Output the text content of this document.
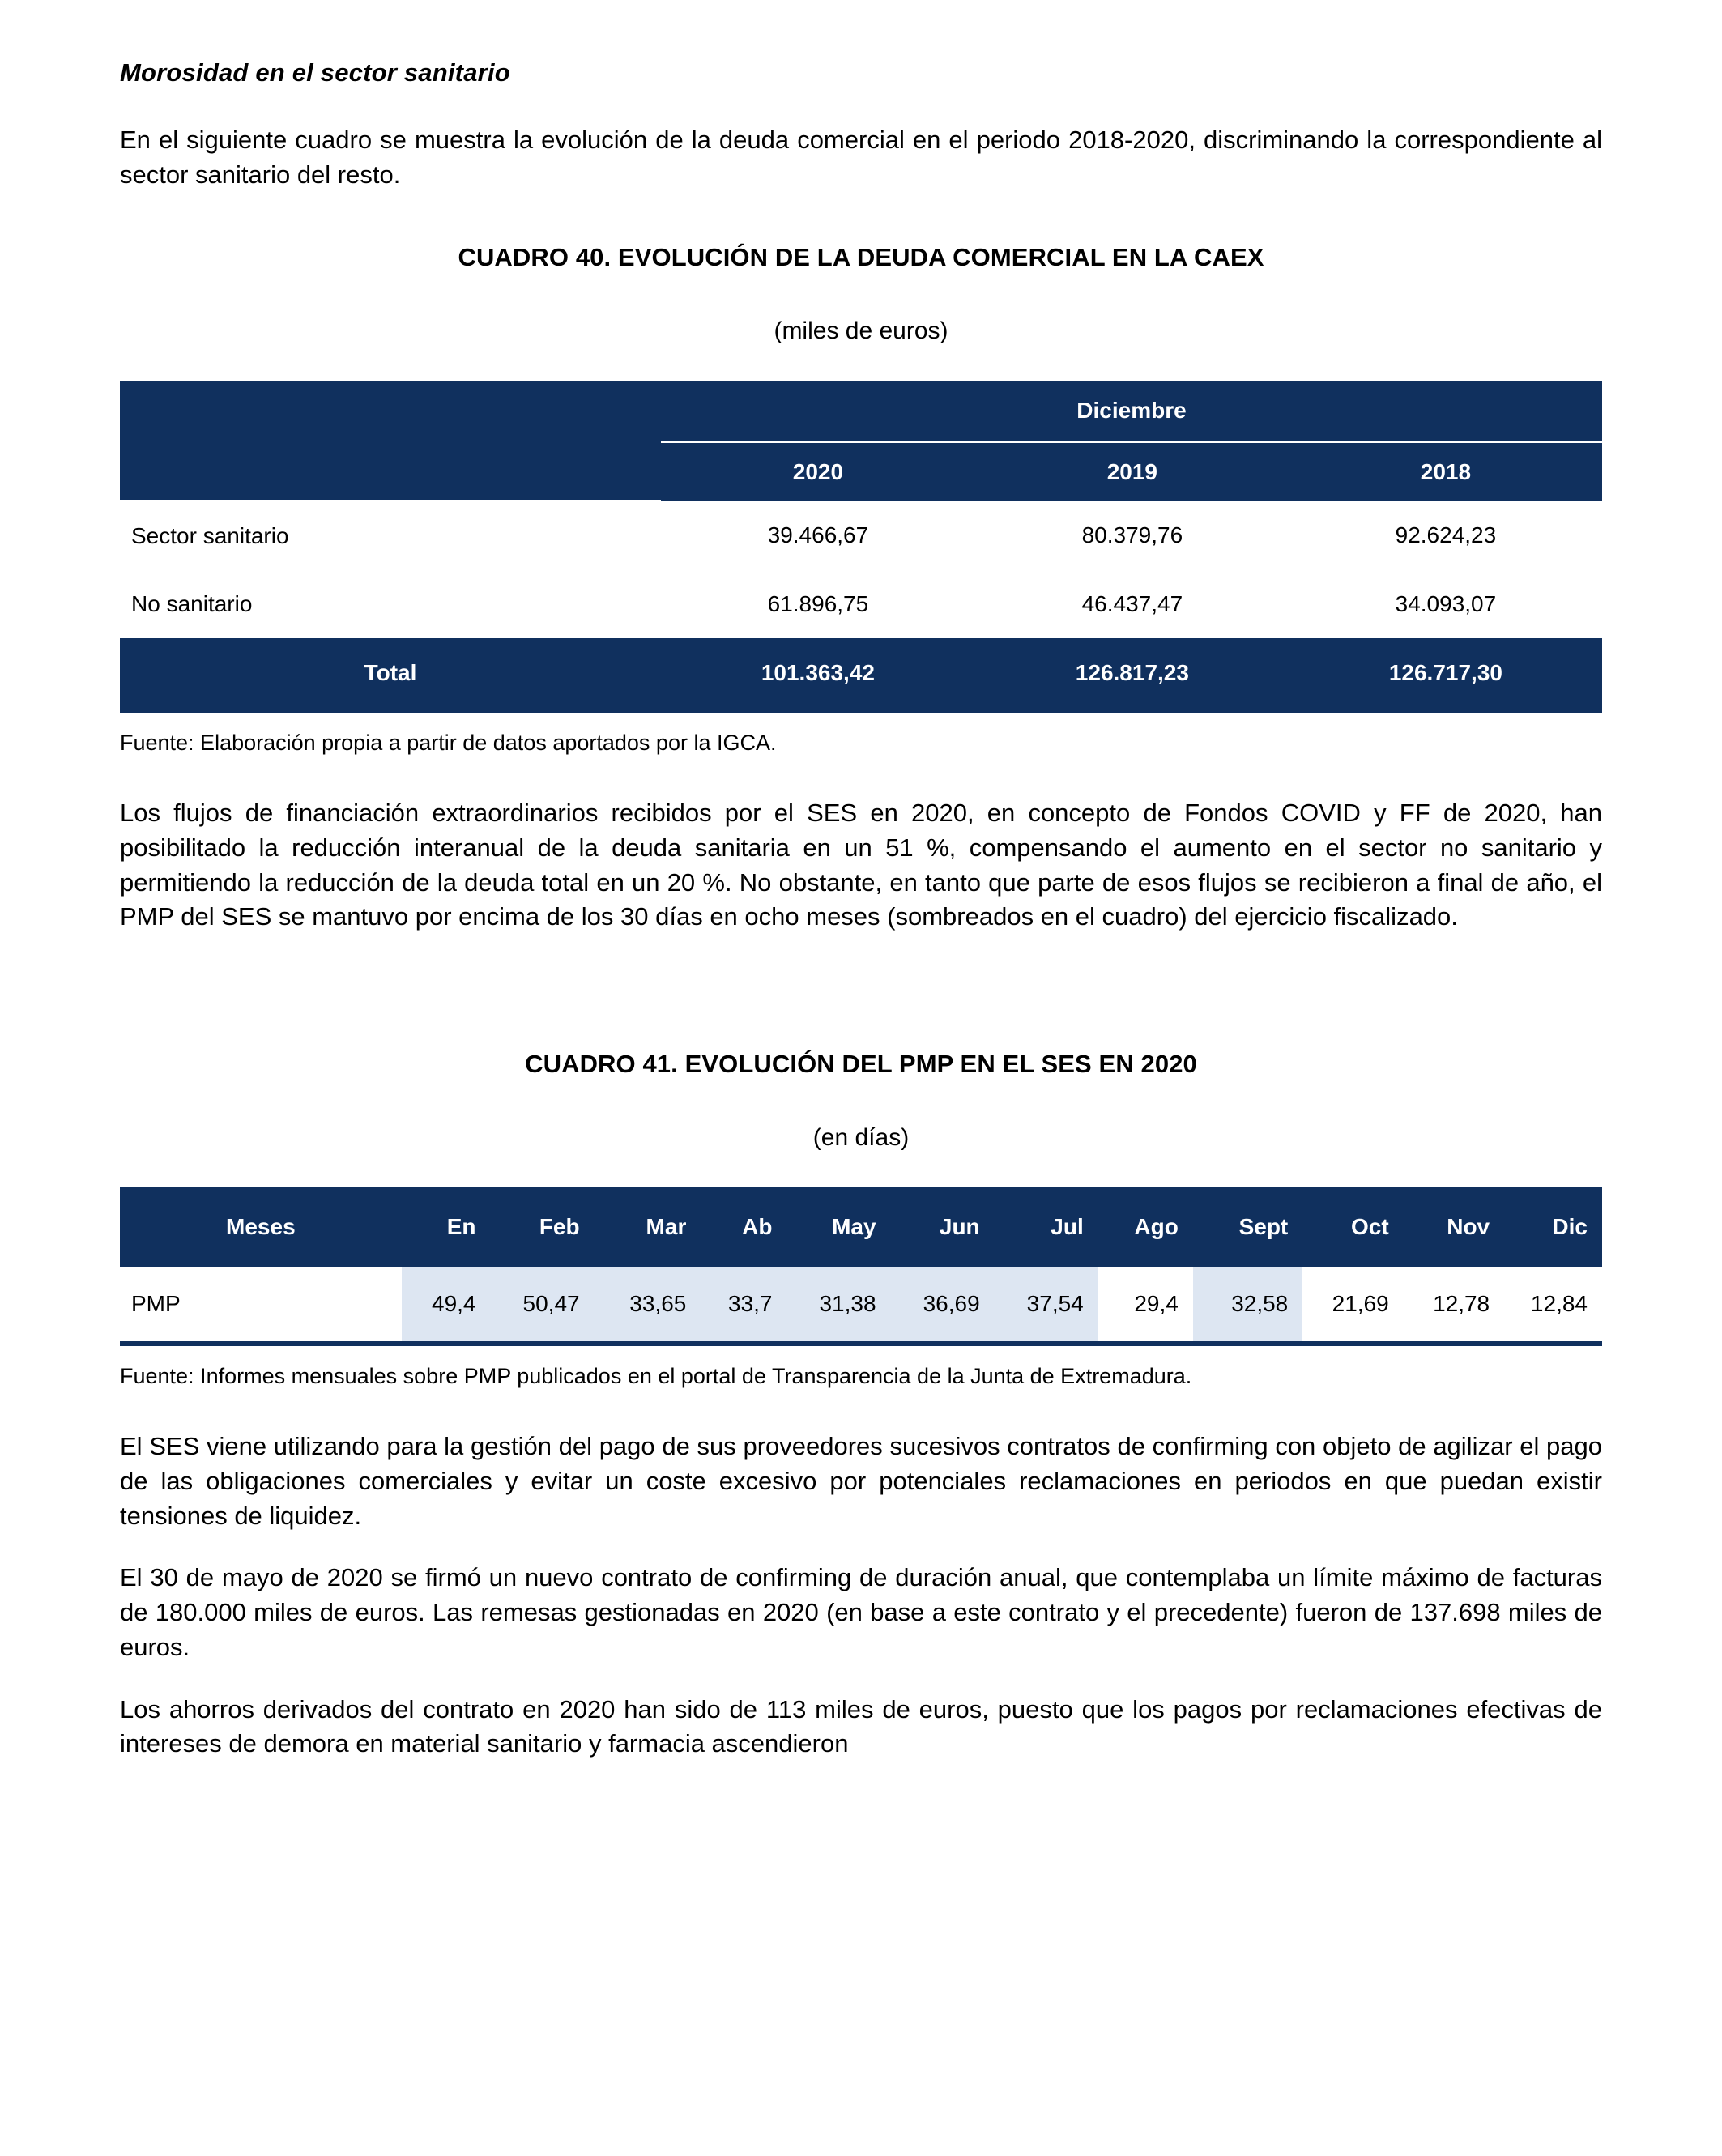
Morosidad en el sector sanitario

En el siguiente cuadro se muestra la evolución de la deuda comercial en el periodo 2018-2020, discriminando la correspondiente al sector sanitario del resto.

CUADRO 40. EVOLUCIÓN DE LA DEUDA COMERCIAL EN LA CAEX
(miles de euros)
	Diciembre		
	2020	2019	2018
Sector sanitario	39.466,67	80.379,76	92.624,23
No sanitario	61.896,75	46.437,47	34.093,07
Total	101.363,42	126.817,23	126.717,30

Fuente: Elaboración propia a partir de datos aportados por la IGCA.

Los flujos de financiación extraordinarios recibidos por el SES en 2020, en concepto de Fondos COVID y FF de 2020, han posibilitado la reducción interanual de la deuda sanitaria en un 51 %, compensando el aumento en el sector no sanitario y permitiendo la reducción de la deuda total en un 20 %. No obstante, en tanto que parte de esos flujos se recibieron a final de año, el PMP del SES se mantuvo por encima de los 30 días en ocho meses (sombreados en el cuadro) del ejercicio fiscalizado.

CUADRO 41. EVOLUCIÓN DEL PMP EN EL SES EN 2020
(en días)
Meses	En	Feb	Mar	Ab	May	Jun	Jul	Ago	Sept	Oct	Nov	Dic
PMP	49,4	50,47	33,65	33,7	31,38	36,69	37,54	29,4	32,58	21,69	12,78	12,84

Fuente: Informes mensuales sobre PMP publicados en el portal de Transparencia de la Junta de Extremadura.

El SES viene utilizando para la gestión del pago de sus proveedores sucesivos contratos de confirming con objeto de agilizar el pago de las obligaciones comerciales y evitar un coste excesivo por potenciales reclamaciones en periodos en que puedan existir tensiones de liquidez.

El 30 de mayo de 2020 se firmó un nuevo contrato de confirming de duración anual, que contemplaba un límite máximo de facturas de 180.000 miles de euros. Las remesas gestionadas en 2020 (en base a este contrato y el precedente) fueron de 137.698 miles de euros.

Los ahorros derivados del contrato en 2020 han sido de 113 miles de euros, puesto que los pagos por reclamaciones efectivas de intereses de demora en material sanitario y farmacia ascendieron
